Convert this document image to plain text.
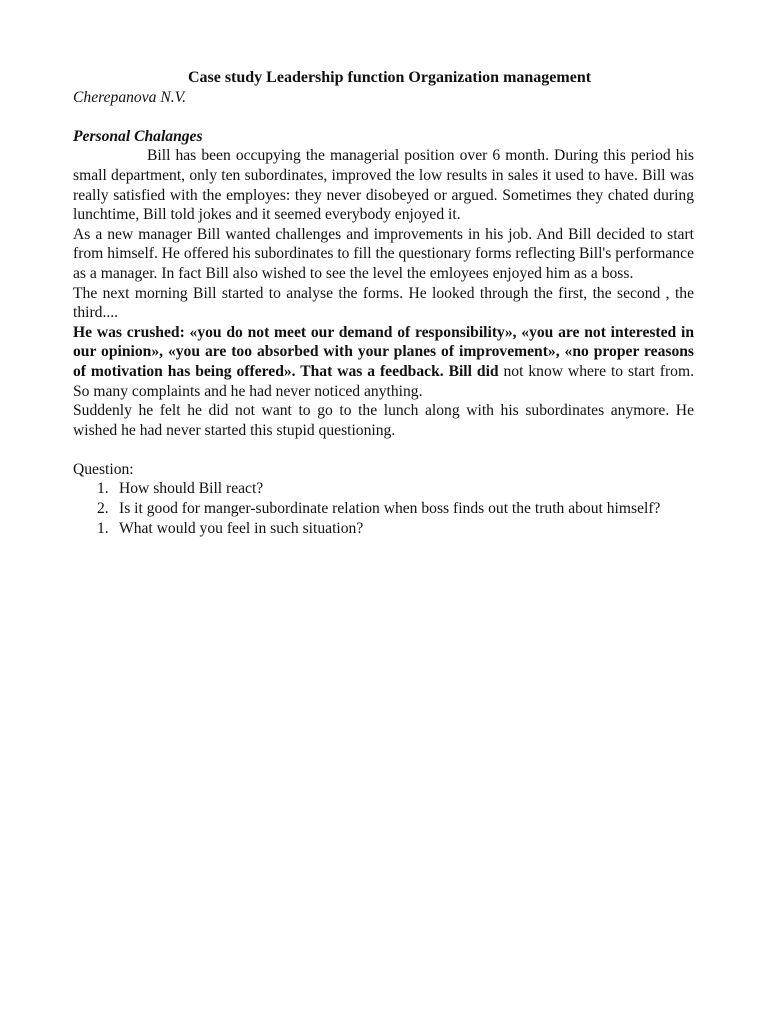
Case study Leadership function Organization management

Cherepanova N.V.

Personal Chalanges

Bill has been occupying the managerial position over 6 month. During this period his small department, only ten subordinates, improved the low results in sales it used to have. Bill was really satisfied with the employes: they never disobeyed or argued. Sometimes they chated during lunchtime, Bill told jokes and it seemed everybody enjoyed it.

As a new manager Bill wanted challenges and improvements in his job. And Bill decided to start from himself. He offered his subordinates to fill the questionary forms reflecting Bill's performance as a manager. In fact Bill also wished to see the level the emloyees enjoyed him as a boss.

The next morning Bill started to analyse the forms. He looked through the first, the second , the third....

He was crushed: «you do not meet our demand of responsibility», «you are not interested in our opinion», «you are too absorbed with your planes of improvement», «no proper reasons of motivation has being offered». That was a feedback. Bill did not know where to start from. So many complaints and he had never noticed anything.

Suddenly he felt he did not want to go to the lunch along with his subordinates anymore. He wished he had never started this stupid questioning.

Question:

1. How should Bill react?
2. Is it good for manger-subordinate relation when boss finds out the truth about himself?
1. What would you feel in such situation?
